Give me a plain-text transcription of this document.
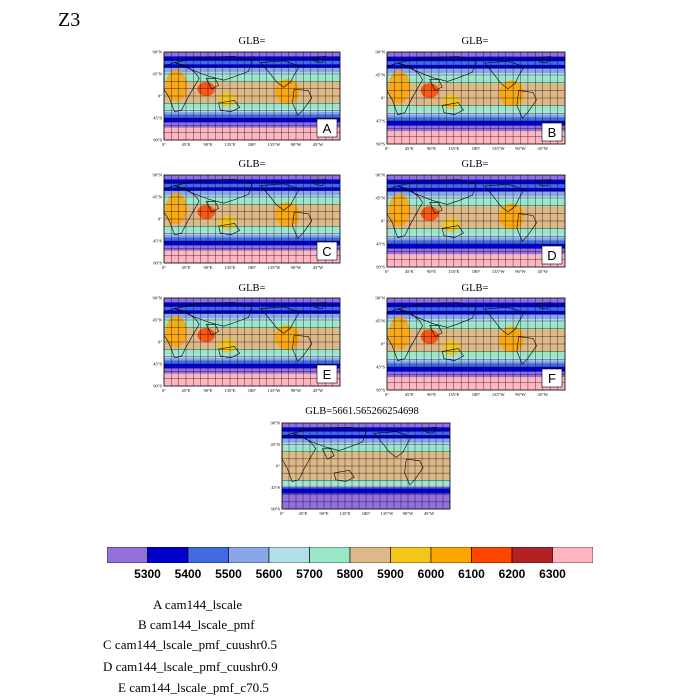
Z3
GLB=	GLB=
GLB=	GLB=
GLB=	GLB=
GLB=5661.565266254698
90°N
45°N
0°
45°S
90°S
0°	45°E	90°E	135°E	180°	135°W 90°W	45°W
A
90°N
45°N
0°
45°S
90°S
0°	45°E	90°E	135°E	180°	135°W 90°W	45°W
B
90°N
45°N
0°
45°S
90°S
0°	45°E	90°E	135°E	180°	135°W 90°W	45°W
C
90°N
45°N
0°
45°S
90°S
0°	45°E	90°E	135°E	180°	135°W 90°W	45°W
D
90°N
45°N
0°
45°S
90°S
0°	45°E	90°E	135°E	180°	135°W 90°W	45°W
E
90°N
45°N
0°
45°S
90°S
0°	45°E	90°E	135°E	180°	135°W 90°W	45°W
F
90°N
45°N
0°
45°S
90°S
0°	45°E	90°E 135°E 180° 135°W 90°W 45°W
5300	5400	5500	5600	5700	5800	5900	6000	6100	6200	6300
A cam144_lscale
B cam144_lscale_pmf
C cam144_lscale_pmf_cuushr0.5
D cam144_lscale_pmf_cuushr0.9
E cam144_lscale_pmf_c70.5
